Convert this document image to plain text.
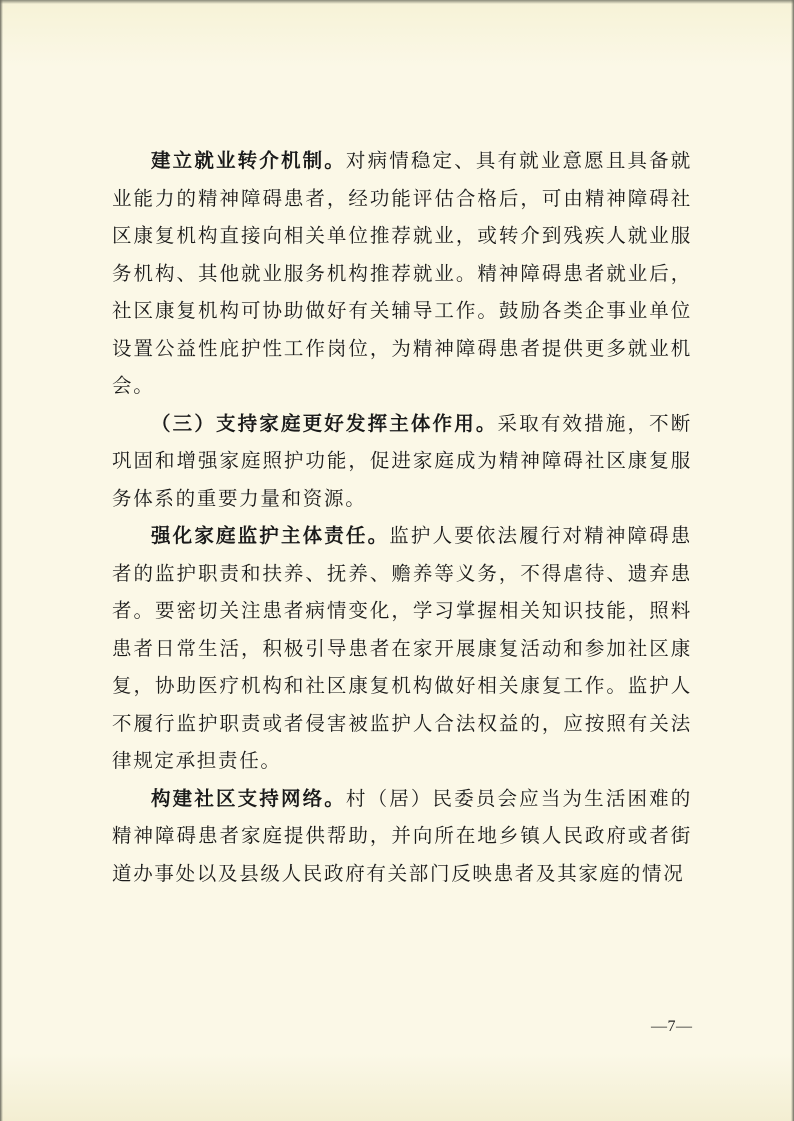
建立就业转介机制。对病情稳定、具有就业意愿且具备就业能力的精神障碍患者，经功能评估合格后，可由精神障碍社区康复机构直接向相关单位推荐就业，或转介到残疾人就业服务机构、其他就业服务机构推荐就业。精神障碍患者就业后，社区康复机构可协助做好有关辅导工作。鼓励各类企事业单位设置公益性庇护性工作岗位，为精神障碍患者提供更多就业机会。

（三）支持家庭更好发挥主体作用。采取有效措施，不断巩固和增强家庭照护功能，促进家庭成为精神障碍社区康复服务体系的重要力量和资源。

强化家庭监护主体责任。监护人要依法履行对精神障碍患者的监护职责和扶养、抚养、赡养等义务，不得虐待、遗弃患者。要密切关注患者病情变化，学习掌握相关知识技能，照料患者日常生活，积极引导患者在家开展康复活动和参加社区康复，协助医疗机构和社区康复机构做好相关康复工作。监护人不履行监护职责或者侵害被监护人合法权益的，应按照有关法律规定承担责任。

构建社区支持网络。村（居）民委员会应当为生活困难的精神障碍患者家庭提供帮助，并向所在地乡镇人民政府或者街道办事处以及县级人民政府有关部门反映患者及其家庭的情况

—7—
